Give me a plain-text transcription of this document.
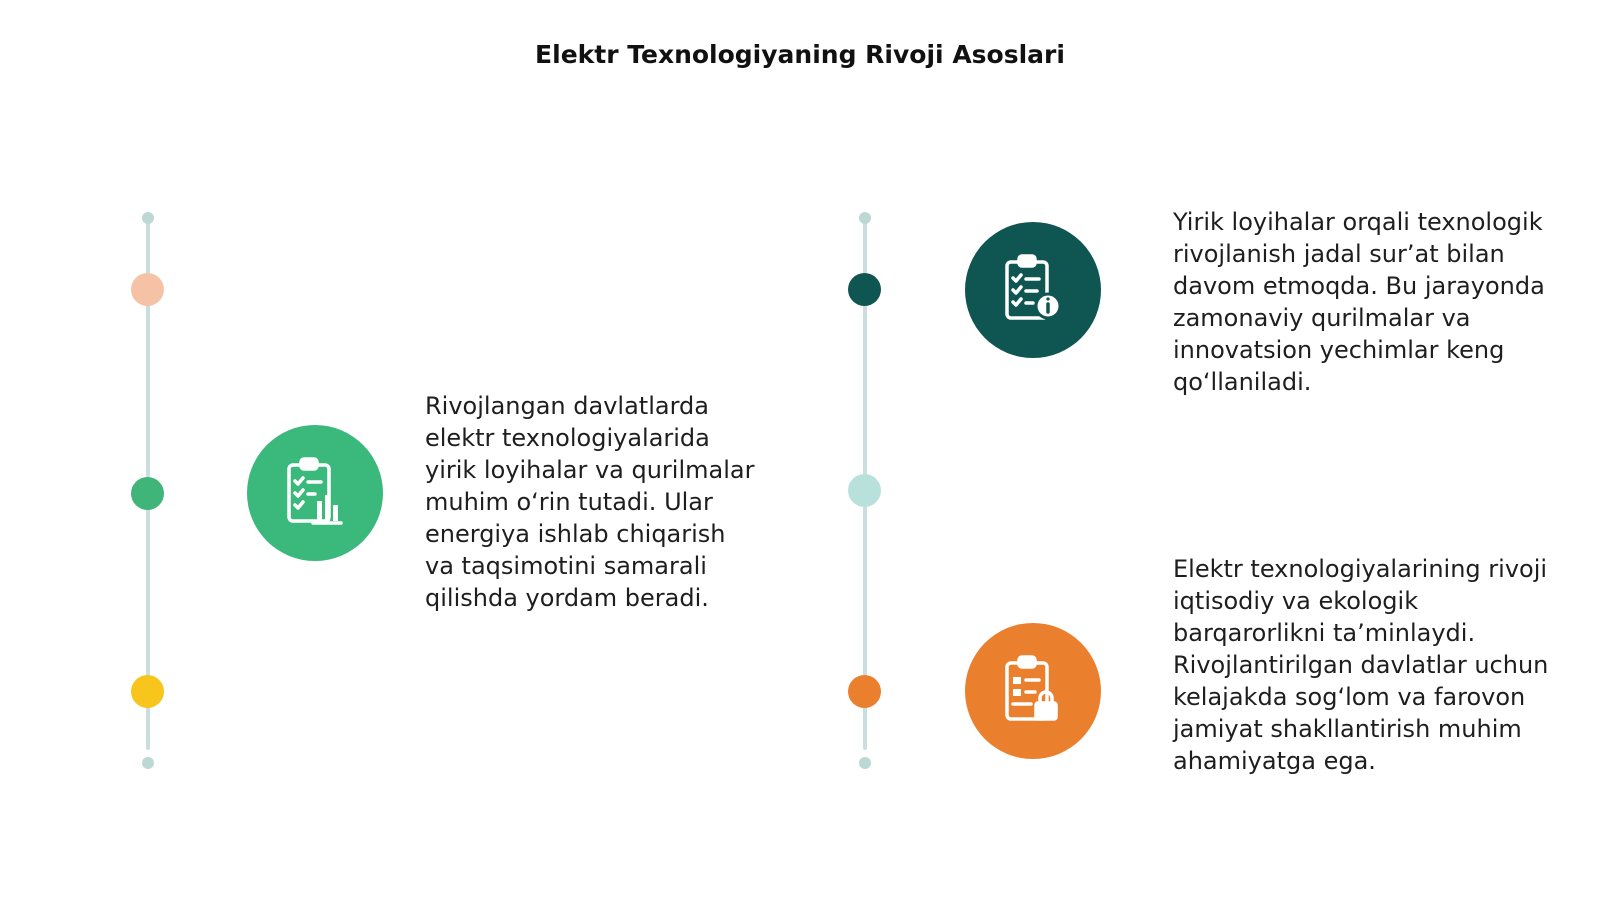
Elektr Texnologiyaning Rivoji Asoslari
Rivojlangan davlatlarda elektr texnologiyalarida yirik loyihalar va qurilmalar muhim o‘rin tutadi. Ular energiya ishlab chiqarish va taqsimotini samarali qilishda yordam beradi.
Yirik loyihalar orqali texnologik rivojlanish jadal sur’at bilan davom etmoqda. Bu jarayonda zamonaviy qurilmalar va innovatsion yechimlar keng qo‘llaniladi.
Elektr texnologiyalarining rivoji iqtisodiy va ekologik barqarorlikni ta’minlaydi. Rivojlantirilgan davlatlar uchun kelajakda sog‘lom va farovon jamiyat shakllantirish muhim ahamiyatga ega.
